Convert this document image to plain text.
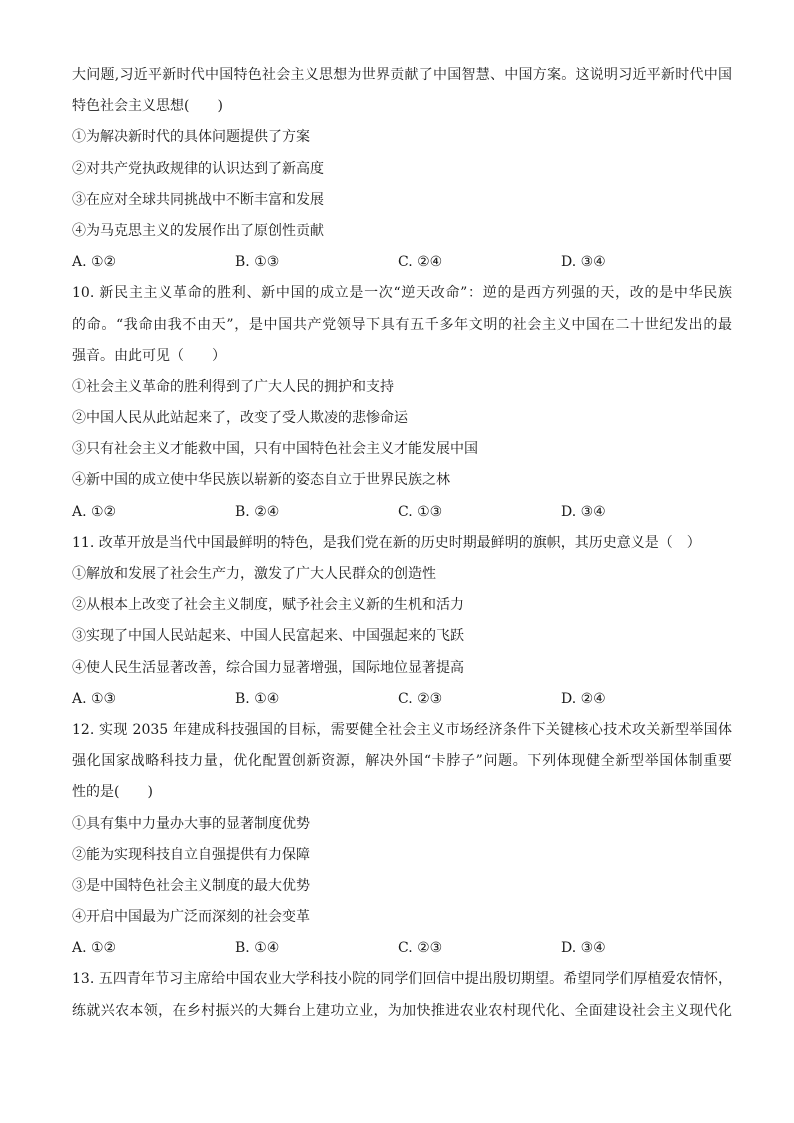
大问题,习近平新时代中国特色社会主义思想为世界贡献了中国智慧、中国方案。这说明习近平新时代中国
特色社会主义思想(　　)
①为解决新时代的具体问题提供了方案
②对共产党执政规律的认识达到了新高度
③在应对全球共同挑战中不断丰富和发展
④为马克思主义的发展作出了原创性贡献
A. ①②	B. ①③	C. ②④	D. ③④
10. 新民主主义革命的胜利、新中国的成立是一次“逆天改命”：逆的是西方列强的天，改的是中华民族
的命。“我命由我不由天”，是中国共产党领导下具有五千多年文明的社会主义中国在二十世纪发出的最
强音。由此可见（　　）
①社会主义革命的胜利得到了广大人民的拥护和支持
②中国人民从此站起来了，改变了受人欺凌的悲惨命运
③只有社会主义才能救中国，只有中国特色社会主义才能发展中国
④新中国的成立使中华民族以崭新的姿态自立于世界民族之林
A. ①②	B. ②④	C. ①③	D. ③④
11. 改革开放是当代中国最鲜明的特色，是我们党在新的历史时期最鲜明的旗帜，其历史意义是（　）
①解放和发展了社会生产力，激发了广大人民群众的创造性
②从根本上改变了社会主义制度，赋予社会主义新的生机和活力
③实现了中国人民站起来、中国人民富起来、中国强起来的飞跃
④使人民生活显著改善，综合国力显著增强，国际地位显著提高
A. ①③	B. ①④	C. ②③	D. ②④
12. 实现 2035 年建成科技强国的目标，需要健全社会主义市场经济条件下关键核心技术攻关新型举国体
强化国家战略科技力量，优化配置创新资源，解决外国“卡脖子”问题。下列体现健全新型举国体制重要
性的是(　　)
①具有集中力量办大事的显著制度优势
②能为实现科技自立自强提供有力保障
③是中国特色社会主义制度的最大优势
④开启中国最为广泛而深刻的社会变革
A. ①②	B. ①④	C. ②③	D. ③④
13. 五四青年节习主席给中国农业大学科技小院的同学们回信中提出殷切期望。希望同学们厚植爱农情怀，
练就兴农本领，在乡村振兴的大舞台上建功立业，为加快推进农业农村现代化、全面建设社会主义现代化
